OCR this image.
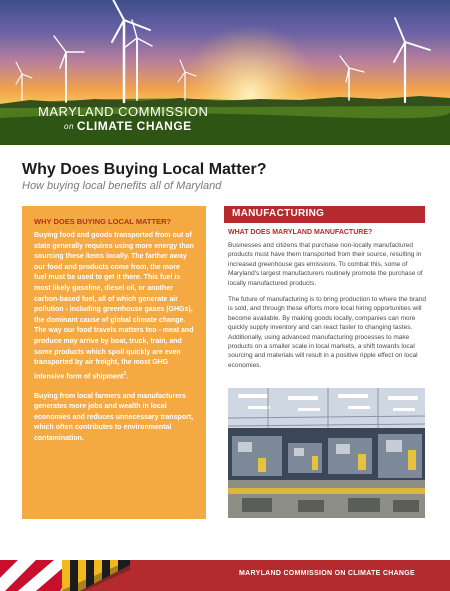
MARYLAND COMMISSION
on CLIMATE CHANGE
Why Does Buying Local Matter?
How buying local benefits all of Maryland
WHY DOES BUYING LOCAL MATTER?

Buying food and goods transported from out of state generally requires using more energy than sourcing these items locally. The farther away our food and products come from, the more fuel must be used to get it there. This fuel is most likely gasoline, diesel oil, or another carbon-based fuel, all of which generate air pollution - including greenhouse gases (GHGs), the dominant cause of global climate change. The way our food travels matters too - meat and produce may arrive by boat, truck, train, and some products which spoil quickly are even transported by air freight, the most GHG intensive form of shipment$^1$.

Buying from local farmers and manufacturers generates more jobs and wealth in local economies and reduces unnecessary transport, which often contributes to environmental contamination.

MANUFACTURING
WHAT DOES MARYLAND MANUFACTURE?

Businesses and citizens that purchase non-locally manufactured products must have them transported from their source, resulting in increased greenhouse gas emissions. To combat this, some of Maryland's largest manufacturers routinely promote the purchase of locally manufactured products.

The future of manufacturing is to bring production to where the brand is sold, and through these efforts more local hiring opportunities will become available. By making goods locally, companies can more quickly supply inventory and can react faster to changing tastes. Additionally, using advanced manufacturing processes to make products on a smaller scale in local markets, a shift towards local sourcing and materials will result in a positive ripple effect on local economies.

MARYLAND COMMISSION ON CLIMATE CHANGE
